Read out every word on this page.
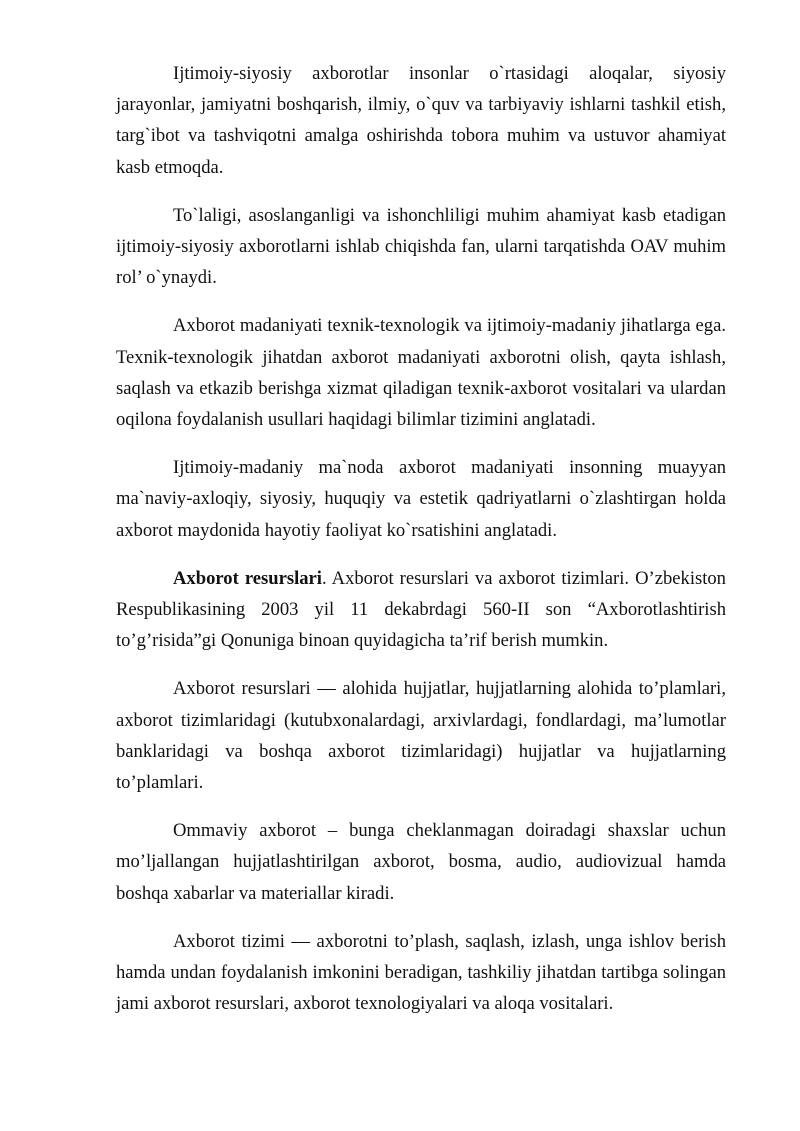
Ijtimoiy-siyosiy axborotlar insonlar o`rtasidagi aloqalar, siyosiy jarayonlar, jamiyatni boshqarish, ilmiy, o`quv va tarbiyaviy ishlarni tashkil etish, targ`ibot va tashviqotni amalga oshirishda tobora muhim va ustuvor ahamiyat kasb etmoqda.

To`laligi, asoslanganligi va ishonchliligi muhim ahamiyat kasb etadigan ijtimoiy-siyosiy axborotlarni ishlab chiqishda fan, ularni tarqatishda OAV muhim rol’ o`ynaydi.

Axborot madaniyati texnik-texnologik va ijtimoiy-madaniy jihatlarga ega. Texnik-texnologik jihatdan axborot madaniyati axborotni olish, qayta ishlash, saqlash va etkazib berishga xizmat qiladigan texnik-axborot vositalari va ulardan oqilona foydalanish usullari haqidagi bilimlar tizimini anglatadi.

Ijtimoiy-madaniy ma`noda axborot madaniyati insonning muayyan ma`naviy-axloqiy, siyosiy, huquqiy va estetik qadriyatlarni o`zlashtirgan holda axborot maydonida hayotiy faoliyat ko`rsatishini anglatadi.

Axborot resurslari. Axborot resurslari va axborot tizimlari. O’zbekiston Respublikasining 2003 yil 11 dekabrdagi 560-II son “Axborotlashtirish to’g’risida”gi Qonuniga binoan quyidagicha ta’rif berish mumkin.

Axborot resurslari — alohida hujjatlar, hujjatlarning alohida to’plamlari, axborot tizimlaridagi (kutubxonalardagi, arxivlardagi, fondlardagi, ma’lumotlar banklaridagi va boshqa axborot tizimlaridagi) hujjatlar va hujjatlarning to’plamlari.

Ommaviy axborot – bunga cheklanmagan doiradagi shaxslar uchun mo’ljallangan hujjatlashtirilgan axborot, bosma, audio, audiovizual hamda boshqa xabarlar va materiallar kiradi.

Axborot tizimi — axborotni to’plash, saqlash, izlash, unga ishlov berish hamda undan foydalanish imkonini beradigan, tashkiliy jihatdan tartibga solingan jami axborot resurslari, axborot texnologiyalari va aloqa vositalari.
